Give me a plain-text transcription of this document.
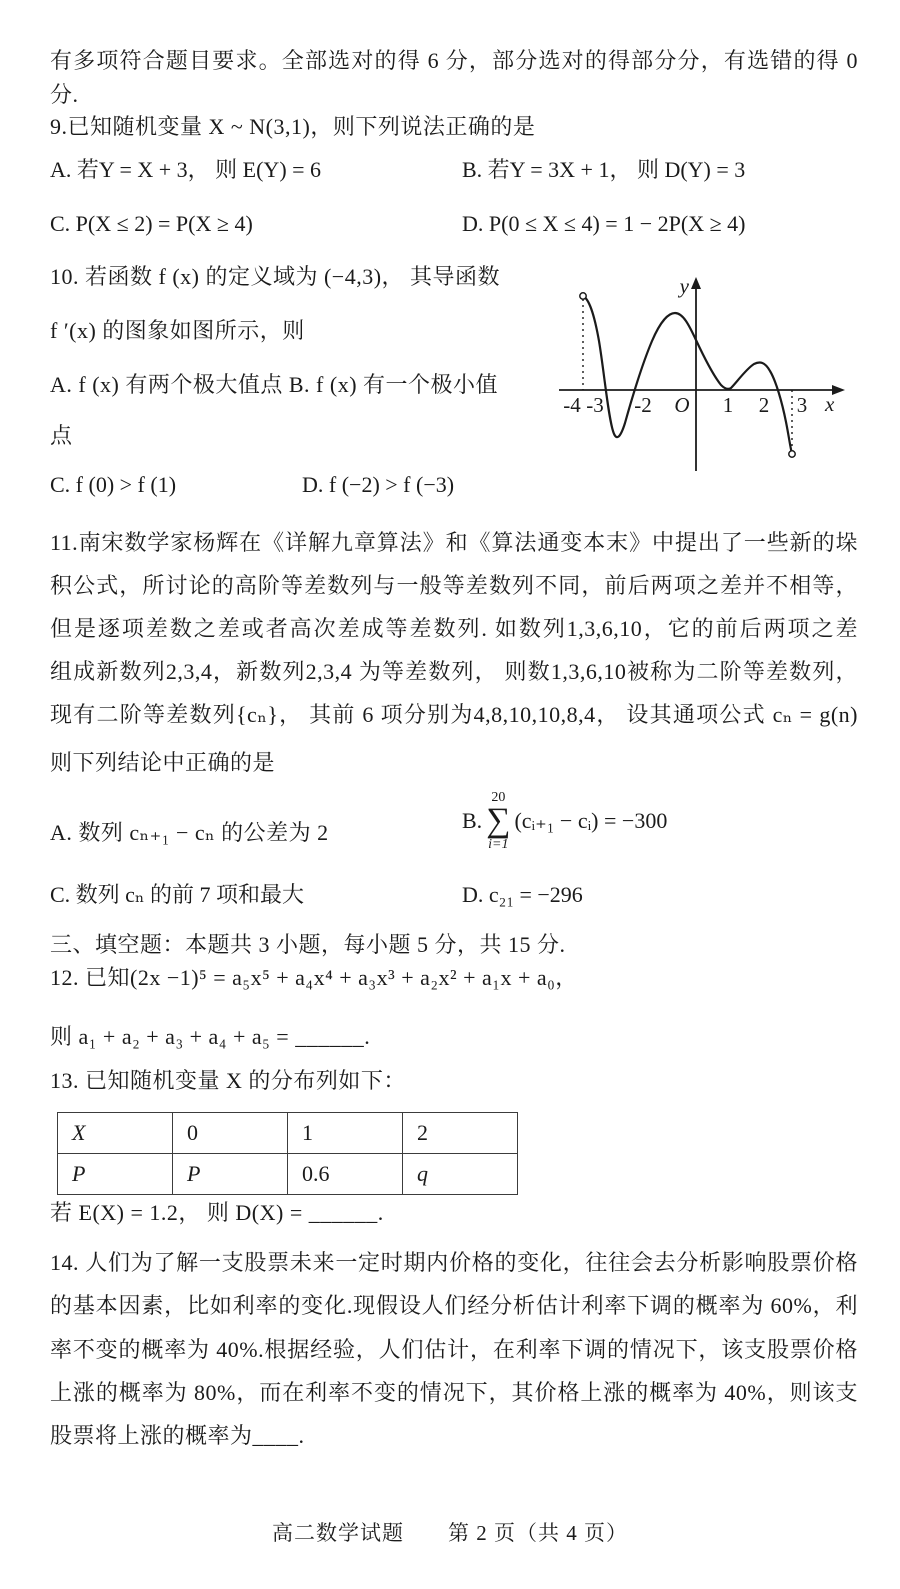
有多项符合题目要求。全部选对的得 6 分，部分选对的得部分分，有选错的得 0
分.
9.已知随机变量 X ~ N(3,1)，则下列说法正确的是
A. 若Y = X + 3， 则 E(Y) = 6	B. 若Y = 3X + 1， 则 D(Y) = 3
C. P(X ≤ 2) = P(X ≥ 4)	D. P(0 ≤ X ≤ 4) = 1 − 2P(X ≥ 4)
10. 若函数 f (x) 的定义域为 (−4,3)， 其导函数
f ′(x) 的图象如图所示，则
A. f (x) 有两个极大值点 B. f (x) 有一个极小值
点
C. f (0) > f (1)	D. f (−2) > f (−3)
y
x
O
-4 -3 -2	1 2 3
11.南宋数学家杨辉在《详解九章算法》和《算法通变本末》中提出了一些新的垛
积公式，所讨论的高阶等差数列与一般等差数列不同，前后两项之差并不相等，
但是逐项差数之差或者高次差成等差数列. 如数列1,3,6,10，它的前后两项之差
组成新数列2,3,4，新数列2,3,4 为等差数列， 则数1,3,6,10被称为二阶等差数列，
现有二阶等差数列{cₙ}， 其前 6 项分别为4,8,10,10,8,4， 设其通项公式 cₙ = g(n)
则下列结论中正确的是
A. 数列 cₙ₊₁ − cₙ 的公差为 2	B.
20
∑
i=1
(cᵢ₊₁ − cᵢ) = −300
C. 数列 cₙ 的前 7 项和最大	D. c₂₁ = −296
三、填空题：本题共 3 小题，每小题 5 分，共 15 分.
12. 已知(2x −1)⁵ = a₅x⁵ + a₄x⁴ + a₃x³ + a₂x² + a₁x + a₀，
则 a₁ + a₂ + a₃ + a₄ + a₅ = ______.
13. 已知随机变量 X 的分布列如下：
X	0	1	2
P	P	0.6	q
若 E(X) = 1.2， 则 D(X) = ______.
14. 人们为了解一支股票未来一定时期内价格的变化，往往会去分析影响股票价格
的基本因素，比如利率的变化.现假设人们经分析估计利率下调的概率为 60%，利
率不变的概率为 40%.根据经验，人们估计，在利率下调的情况下，该支股票价格
上涨的概率为 80%，而在利率不变的情况下，其价格上涨的概率为 40%，则该支
股票将上涨的概率为____.
高二数学试题　　第 2 页（共 4 页）
